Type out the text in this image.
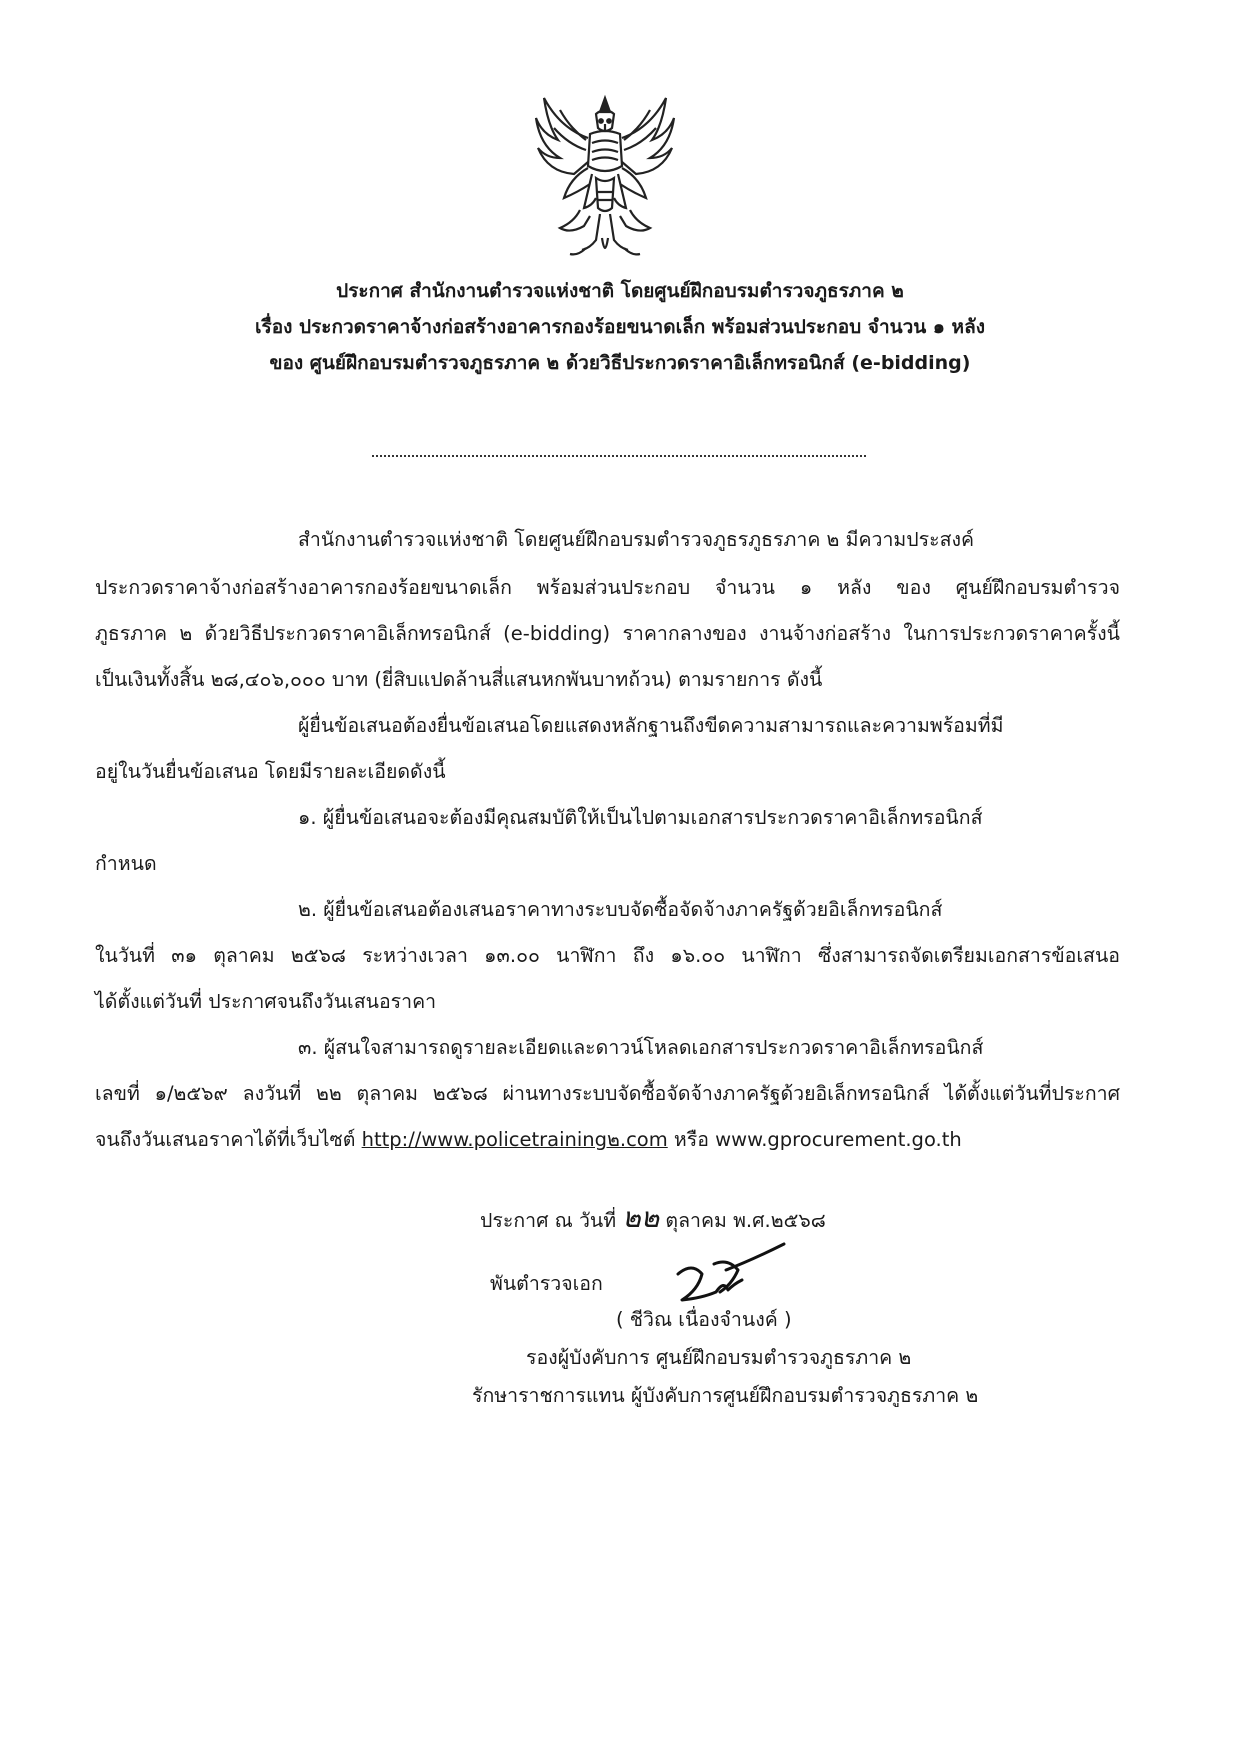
ประกาศ สำนักงานตำรวจแห่งชาติ โดยศูนย์ฝึกอบรมตำรวจภูธรภาค ๒
เรื่อง ประกวดราคาจ้างก่อสร้างอาคารกองร้อยขนาดเล็ก พร้อมส่วนประกอบ จำนวน ๑ หลัง
ของ ศูนย์ฝึกอบรมตำรวจภูธรภาค ๒ ด้วยวิธีประกวดราคาอิเล็กทรอนิกส์ (e-bidding)
สำนักงานตำรวจแห่งชาติ โดยศูนย์ฝึกอบรมตำรวจภูธรภูธรภาค ๒ มีความประสงค์
ประกวดราคาจ้างก่อสร้างอาคารกองร้อยขนาดเล็ก พร้อมส่วนประกอบ จำนวน ๑ หลัง ของ ศูนย์ฝึกอบรมตำรวจ
ภูธรภาค ๒ ด้วยวิธีประกวดราคาอิเล็กทรอนิกส์ (e-bidding) ราคากลางของ งานจ้างก่อสร้าง ในการประกวดราคาครั้งนี้
เป็นเงินทั้งสิ้น ๒๘,๔๐๖,๐๐๐ บาท (ยี่สิบแปดล้านสี่แสนหกพันบาทถ้วน) ตามรายการ ดังนี้
ผู้ยื่นข้อเสนอต้องยื่นข้อเสนอโดยแสดงหลักฐานถึงขีดความสามารถและความพร้อมที่มี
อยู่ในวันยื่นข้อเสนอ โดยมีรายละเอียดดังนี้
๑. ผู้ยื่นข้อเสนอจะต้องมีคุณสมบัติให้เป็นไปตามเอกสารประกวดราคาอิเล็กทรอนิกส์
กำหนด
๒. ผู้ยื่นข้อเสนอต้องเสนอราคาทางระบบจัดซื้อจัดจ้างภาครัฐด้วยอิเล็กทรอนิกส์
ในวันที่ ๓๑ ตุลาคม ๒๕๖๘ ระหว่างเวลา ๑๓.๐๐ นาฬิกา ถึง ๑๖.๐๐ นาฬิกา ซึ่งสามารถจัดเตรียมเอกสารข้อเสนอ
ได้ตั้งแต่วันที่ ประกาศจนถึงวันเสนอราคา
๓. ผู้สนใจสามารถดูรายละเอียดและดาวน์โหลดเอกสารประกวดราคาอิเล็กทรอนิกส์
เลขที่ ๑/๒๕๖๙ ลงวันที่ ๒๒ ตุลาคม ๒๕๖๘ ผ่านทางระบบจัดซื้อจัดจ้างภาครัฐด้วยอิเล็กทรอนิกส์ ได้ตั้งแต่วันที่ประกาศ
จนถึงวันเสนอราคาได้ที่เว็บไซต์ http://www.policetraining๒.com หรือ www.gprocurement.go.th
ประกาศ ณ วันที่ ๒๒ ตุลาคม พ.ศ.๒๕๖๘
พันตำรวจเอก
( ชีวิณ เนื่องจำนงค์ )
รองผู้บังคับการ ศูนย์ฝึกอบรมตำรวจภูธรภาค ๒
รักษาราชการแทน ผู้บังคับการศูนย์ฝึกอบรมตำรวจภูธรภาค ๒
